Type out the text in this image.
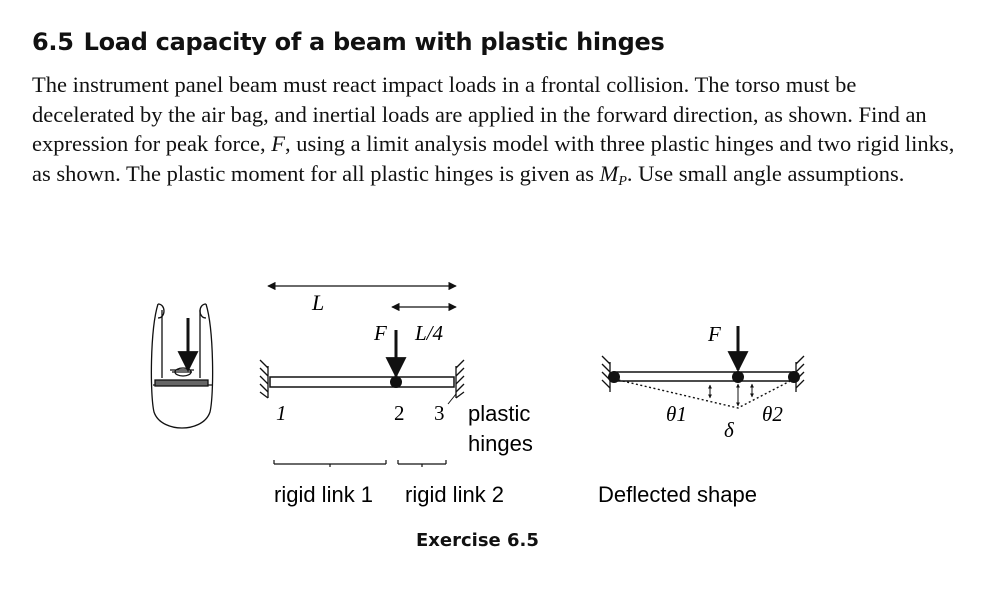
6.5 Load capacity of a beam with plastic hinges
The instrument panel beam must react impact loads in a frontal collision. The torso must be decelerated by the air bag, and inertial loads are applied in the forward direction, as shown. Find an expression for peak force, F, using a limit analysis model with three plastic hinges and two rigid links, as shown. The plastic moment for all plastic hinges is given as $M_P$. Use small angle assumptions.
L
L/4
F
1	2 3 plastic
hinges
rigid link 1 rigid link 2
F
θ1
δ
θ2
Deflected shape
Exercise 6.5
